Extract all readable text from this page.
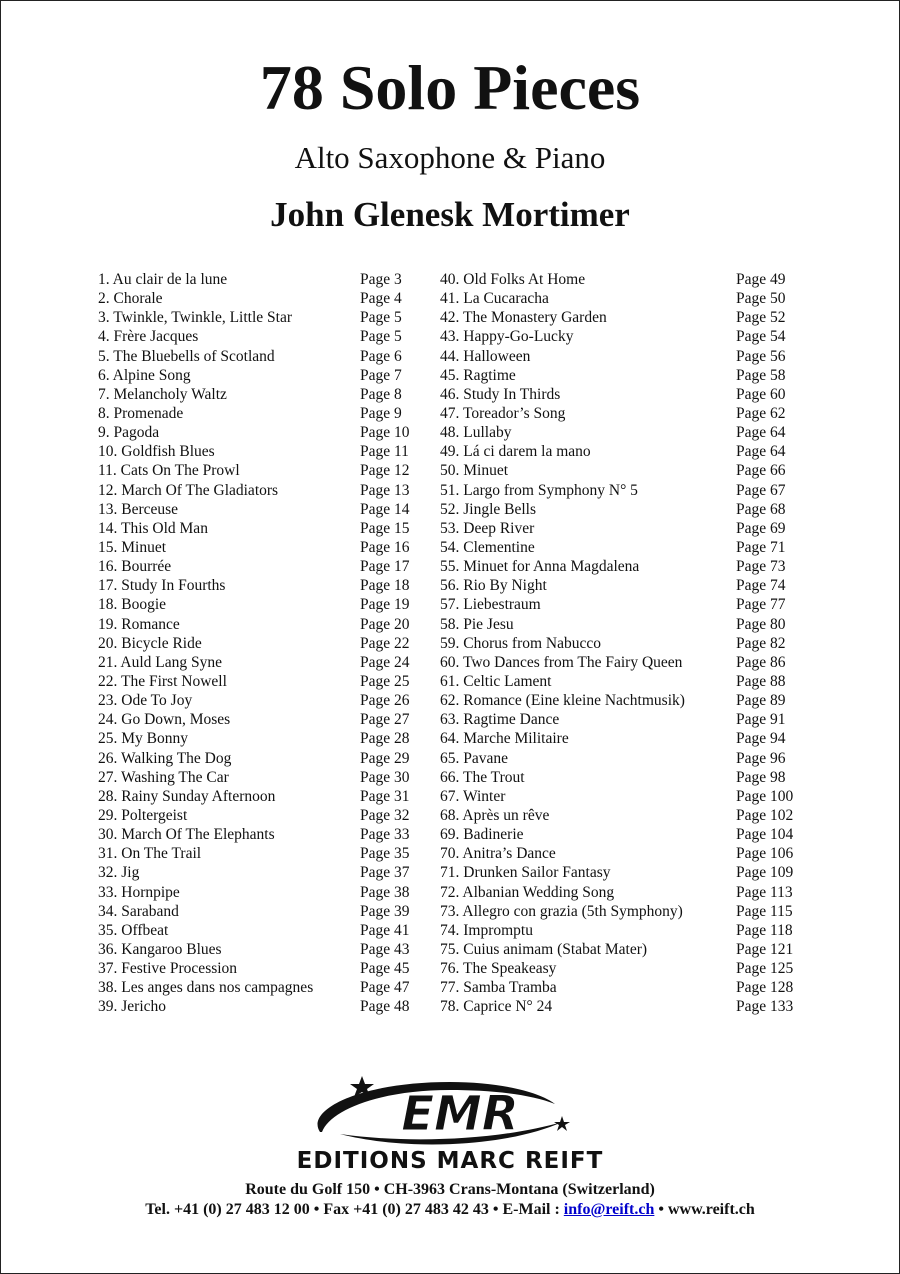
78 Solo Pieces
Alto Saxophone & Piano
John Glenesk Mortimer
1. Au clair de la lune	Page 3
2. Chorale	Page 4
3. Twinkle, Twinkle, Little Star	Page 5
4. Frère Jacques	Page 5
5. The Bluebells of Scotland	Page 6
6. Alpine Song	Page 7
7. Melancholy Waltz	Page 8
8. Promenade	Page 9
9. Pagoda	Page 10
10. Goldfish Blues	Page 11
11. Cats On The Prowl	Page 12
12. March Of The Gladiators	Page 13
13. Berceuse	Page 14
14. This Old Man	Page 15
15. Minuet	Page 16
16. Bourrée	Page 17
17. Study In Fourths	Page 18
18. Boogie	Page 19
19. Romance	Page 20
20. Bicycle Ride	Page 22
21. Auld Lang Syne	Page 24
22. The First Nowell	Page 25
23. Ode To Joy	Page 26
24. Go Down, Moses	Page 27
25. My Bonny	Page 28
26. Walking The Dog	Page 29
27. Washing The Car	Page 30
28. Rainy Sunday Afternoon	Page 31
29. Poltergeist	Page 32
30. March Of The Elephants	Page 33
31. On The Trail	Page 35
32. Jig	Page 37
33. Hornpipe	Page 38
34. Saraband	Page 39
35. Offbeat	Page 41
36. Kangaroo Blues	Page 43
37. Festive Procession	Page 45
38. Les anges dans nos campagnes	Page 47
39. Jericho	Page 48
40. Old Folks At Home	Page 49
41. La Cucaracha	Page 50
42. The Monastery Garden	Page 52
43. Happy-Go-Lucky	Page 54
44. Halloween	Page 56
45. Ragtime	Page 58
46. Study In Thirds	Page 60
47. Toreador’s Song	Page 62
48. Lullaby	Page 64
49. Lá ci darem la mano	Page 64
50. Minuet	Page 66
51. Largo from Symphony N° 5	Page 67
52. Jingle Bells	Page 68
53. Deep River	Page 69
54. Clementine	Page 71
55. Minuet for Anna Magdalena	Page 73
56. Rio By Night	Page 74
57. Liebestraum	Page 77
58. Pie Jesu	Page 80
59. Chorus from Nabucco	Page 82
60. Two Dances from The Fairy Queen	Page 86
61. Celtic Lament	Page 88
62. Romance (Eine kleine Nachtmusik)	Page 89
63. Ragtime Dance	Page 91
64. Marche Militaire	Page 94
65. Pavane	Page 96
66. The Trout	Page 98
67. Winter	Page 100
68. Après un rêve	Page 102
69. Badinerie	Page 104
70. Anitra’s Dance	Page 106
71. Drunken Sailor Fantasy	Page 109
72. Albanian Wedding Song	Page 113
73. Allegro con grazia (5th Symphony)	Page 115
74. Impromptu	Page 118
75. Cuius animam (Stabat Mater)	Page 121
76. The Speakeasy	Page 125
77. Samba Tramba	Page 128
78. Caprice N° 24	Page 133
EMR
EDITIONS MARC REIFT
Route du Golf 150 • CH-3963 Crans-Montana (Switzerland)
Tel. +41 (0) 27 483 12 00 • Fax +41 (0) 27 483 42 43 • E-Mail : info@reift.ch • www.reift.ch
